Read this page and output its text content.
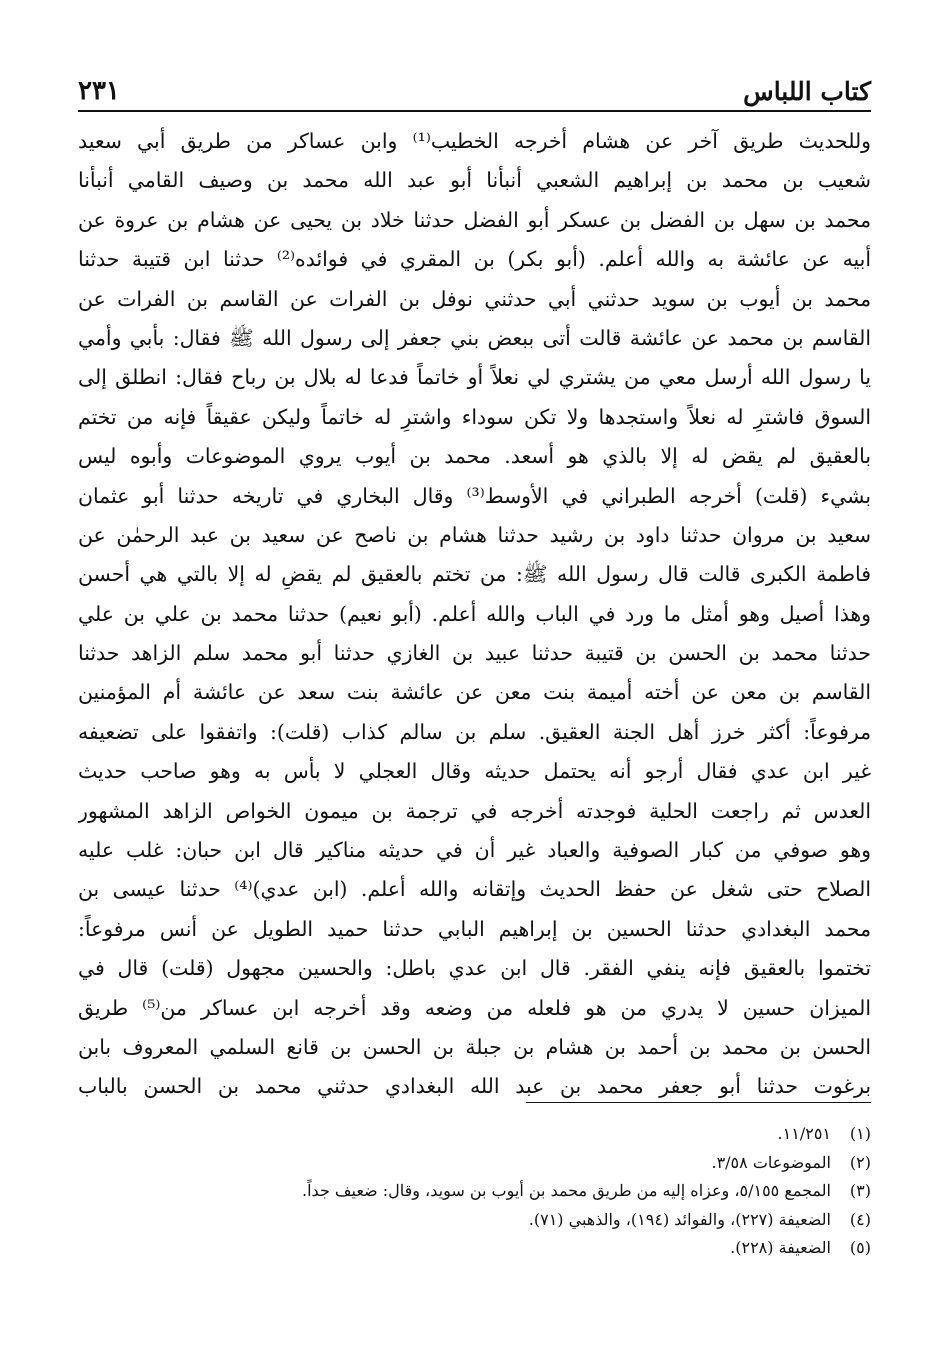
كتاب اللباس
٢٣١
وللحديث طريق آخر عن هشام أخرجه الخطيب⁽¹⁾ وابن عساكر من طريق أبي سعيد
شعيب بن محمد بن إبراهيم الشعبي أنبأنا أبو عبد الله محمد بن وصيف القامي أنبأنا
محمد بن سهل بن الفضل بن عسكر أبو الفضل حدثنا خلاد بن يحيى عن هشام بن عروة عن
أبيه عن عائشة به والله أعلم. (أبو بكر) بن المقري في فوائده⁽²⁾ حدثنا ابن قتيبة حدثنا
محمد بن أيوب بن سويد حدثني أبي حدثني نوفل بن الفرات عن القاسم بن الفرات عن
القاسم بن محمد عن عائشة قالت أتى ببعض بني جعفر إلى رسول الله ﷺ فقال: بأبي وأمي
يا رسول الله أرسل معي من يشتري لي نعلاً أو خاتماً فدعا له بلال بن رباح فقال: انطلق إلى
السوق فاشترِ له نعلاً واستجدها ولا تكن سوداء واشترِ له خاتماً وليكن عقيقاً فإنه من تختم
بالعقيق لم يقض له إلا بالذي هو أسعد. محمد بن أيوب يروي الموضوعات وأبوه ليس
بشيء (قلت) أخرجه الطبراني في الأوسط⁽³⁾ وقال البخاري في تاريخه حدثنا أبو عثمان
سعيد بن مروان حدثنا داود بن رشيد حدثنا هشام بن ناصح عن سعيد بن عبد الرحمٰن عن
فاطمة الكبرى قالت قال رسول الله ﷺ: من تختم بالعقيق لم يقضِ له إلا بالتي هي أحسن
وهذا أصيل وهو أمثل ما ورد في الباب والله أعلم. (أبو نعيم) حدثنا محمد بن علي بن علي
حدثنا محمد بن الحسن بن قتيبة حدثنا عبيد بن الغازي حدثنا أبو محمد سلم الزاهد حدثنا
القاسم بن معن عن أخته أميمة بنت معن عن عائشة بنت سعد عن عائشة أم المؤمنين
مرفوعاً: أكثر خرز أهل الجنة العقيق. سلم بن سالم كذاب (قلت): واتفقوا على تضعيفه
غير ابن عدي فقال أرجو أنه يحتمل حديثه وقال العجلي لا بأس به وهو صاحب حديث
العدس ثم راجعت الحلية فوجدته أخرجه في ترجمة بن ميمون الخواص الزاهد المشهور
وهو صوفي من كبار الصوفية والعباد غير أن في حديثه مناكير قال ابن حبان: غلب عليه
الصلاح حتى شغل عن حفظ الحديث وإتقانه والله أعلم. (ابن عدي)⁽⁴⁾ حدثنا عيسى بن
محمد البغدادي حدثنا الحسين بن إبراهيم البابي حدثنا حميد الطويل عن أنس مرفوعاً:
تختموا بالعقيق فإنه ينفي الفقر. قال ابن عدي باطل: والحسين مجهول (قلت) قال في
الميزان حسين لا يدري من هو فلعله من وضعه وقد أخرجه ابن عساكر من⁽⁵⁾ طريق
الحسن بن محمد بن أحمد بن هشام بن جبلة بن الحسن بن قانع السلمي المعروف بابن
برغوت حدثنا أبو جعفر محمد بن عبد الله البغدادي حدثني محمد بن الحسن بالباب
(١)
١١/٢٥١.
(٢)
الموضوعات ٣/٥٨.
(٣)
المجمع ٥/١٥٥، وعزاه إليه من طريق محمد بن أيوب بن سويد، وقال: ضعيف جداً.
(٤)
الضعيفة (٢٢٧)، والفوائد (١٩٤)، والذهبي (٧١).
(٥)
الضعيفة (٢٢٨).
